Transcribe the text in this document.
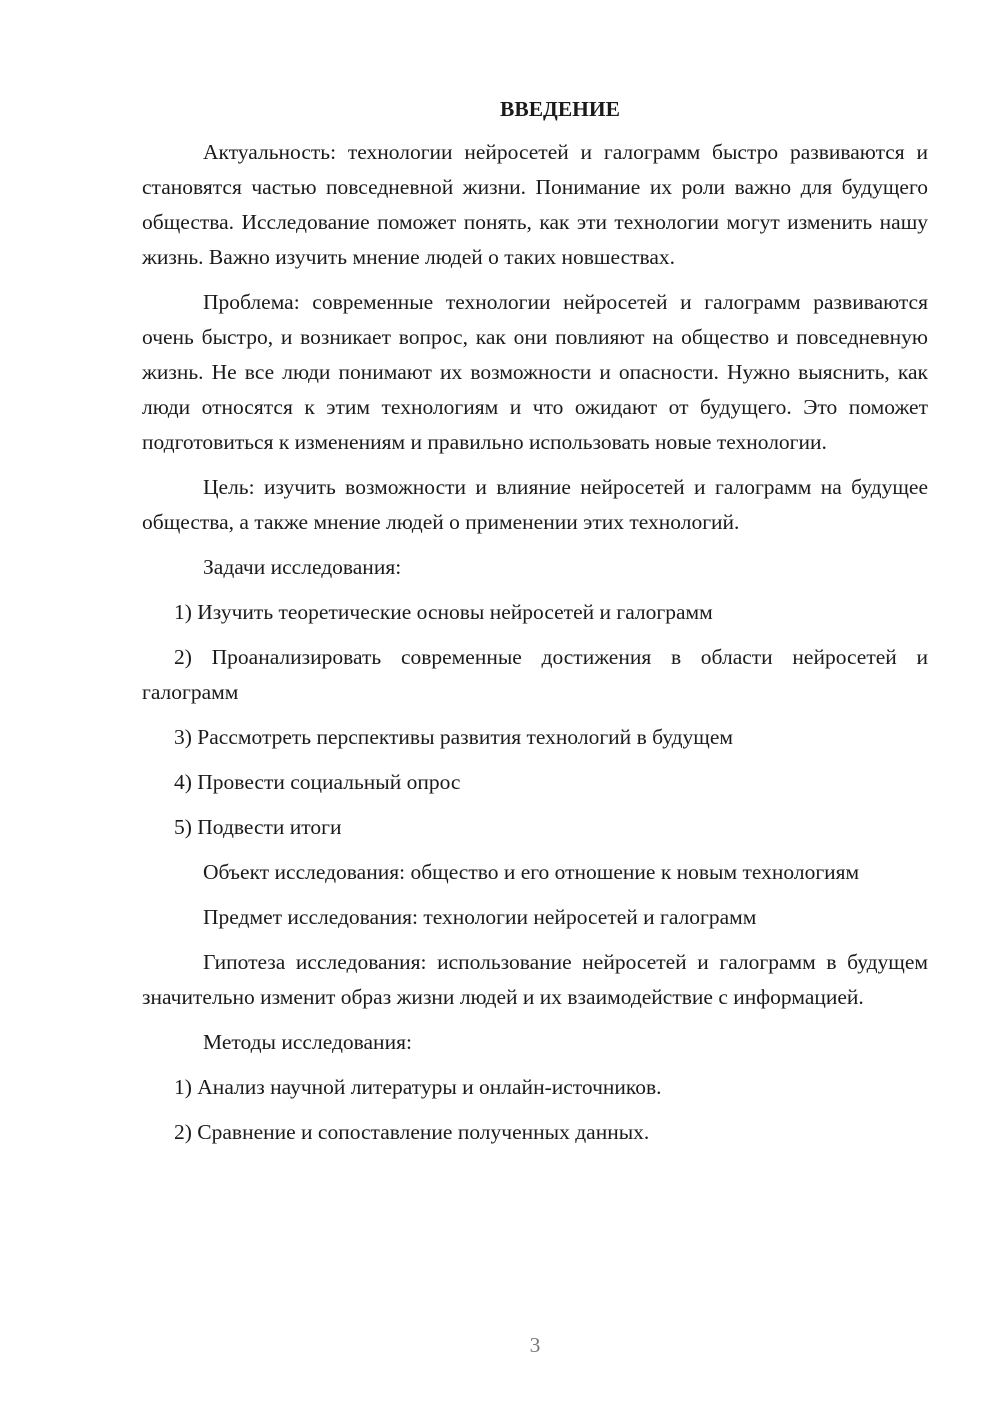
ВВЕДЕНИЕ

Актуальность: технологии нейросетей и галограмм быстро развиваются и становятся частью повседневной жизни. Понимание их роли важно для будущего общества. Исследование поможет понять, как эти технологии могут изменить нашу жизнь. Важно изучить мнение людей о таких новшествах.

Проблема: современные технологии нейросетей и галограмм развиваются очень быстро, и возникает вопрос, как они повлияют на общество и повседневную жизнь. Не все люди понимают их возможности и опасности. Нужно выяснить, как люди относятся к этим технологиям и что ожидают от будущего. Это поможет подготовиться к изменениям и правильно использовать новые технологии.

Цель: изучить возможности и влияние нейросетей и галограмм на будущее общества, а также мнение людей о применении этих технологий.

Задачи исследования:

1) Изучить теоретические основы нейросетей и галограмм
2) Проанализировать современные достижения в области нейросетей и галограмм
3) Рассмотреть перспективы развития технологий в будущем
4) Провести социальный опрос
5) Подвести итоги

Объект исследования: общество и его отношение к новым технологиям

Предмет исследования: технологии нейросетей и галограмм

Гипотеза исследования: использование нейросетей и галограмм в будущем значительно изменит образ жизни людей и их взаимодействие с информацией.

Методы исследования:

1) Анализ научной литературы и онлайн-источников.
2) Сравнение и сопоставление полученных данных.
3
